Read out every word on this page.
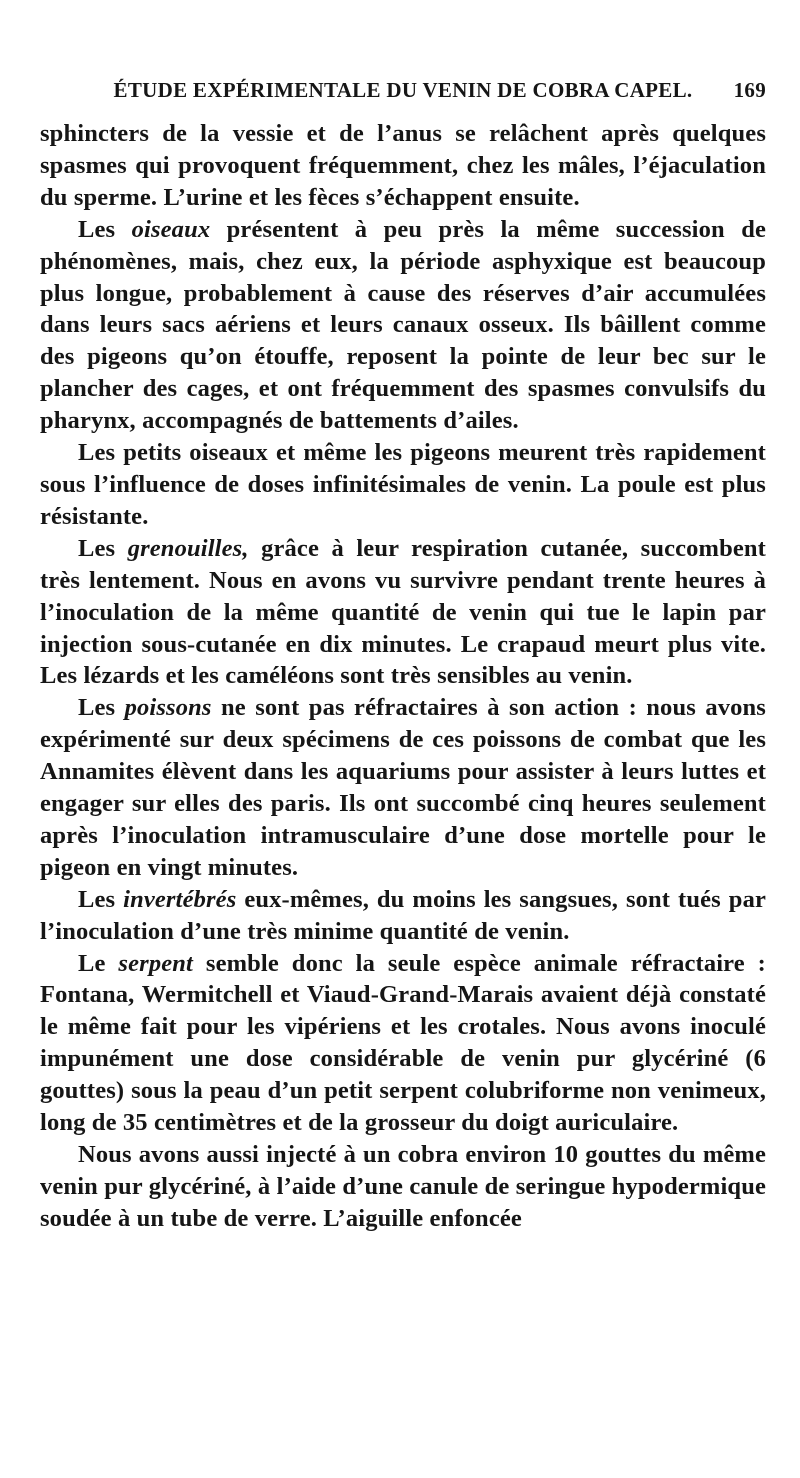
ÉTUDE EXPÉRIMENTALE DU VENIN DE COBRA CAPEL.	169

sphincters de la vessie et de l’anus se relâchent après quelques spasmes qui provoquent fréquemment, chez les mâles, l’éjaculation du sperme. L’urine et les fèces s’échappent ensuite.

Les oiseaux présentent à peu près la même succession de phénomènes, mais, chez eux, la période asphyxique est beaucoup plus longue, probablement à cause des réserves d’air accumulées dans leurs sacs aériens et leurs canaux osseux. Ils bâillent comme des pigeons qu’on étouffe, reposent la pointe de leur bec sur le plancher des cages, et ont fréquemment des spasmes convulsifs du pharynx, accompagnés de battements d’ailes.

Les petits oiseaux et même les pigeons meurent très rapidement sous l’influence de doses infinitésimales de venin. La poule est plus résistante.

Les grenouilles, grâce à leur respiration cutanée, succombent très lentement. Nous en avons vu survivre pendant trente heures à l’inoculation de la même quantité de venin qui tue le lapin par injection sous-cutanée en dix minutes. Le crapaud meurt plus vite. Les lézards et les caméléons sont très sensibles au venin.

Les poissons ne sont pas réfractaires à son action : nous avons expérimenté sur deux spécimens de ces poissons de combat que les Annamites élèvent dans les aquariums pour assister à leurs luttes et engager sur elles des paris. Ils ont succombé cinq heures seulement après l’inoculation intramusculaire d’une dose mortelle pour le pigeon en vingt minutes.

Les invertébrés eux-mêmes, du moins les sangsues, sont tués par l’inoculation d’une très minime quantité de venin.

Le serpent semble donc la seule espèce animale réfractaire : Fontana, Wermitchell et Viaud-Grand-Marais avaient déjà constaté le même fait pour les vipériens et les crotales. Nous avons inoculé impunément une dose considérable de venin pur glycériné (6 gouttes) sous la peau d’un petit serpent colubriforme non venimeux, long de 35 centimètres et de la grosseur du doigt auriculaire.

Nous avons aussi injecté à un cobra environ 10 gouttes du même venin pur glycériné, à l’aide d’une canule de seringue hypodermique soudée à un tube de verre. L’aiguille enfoncée
